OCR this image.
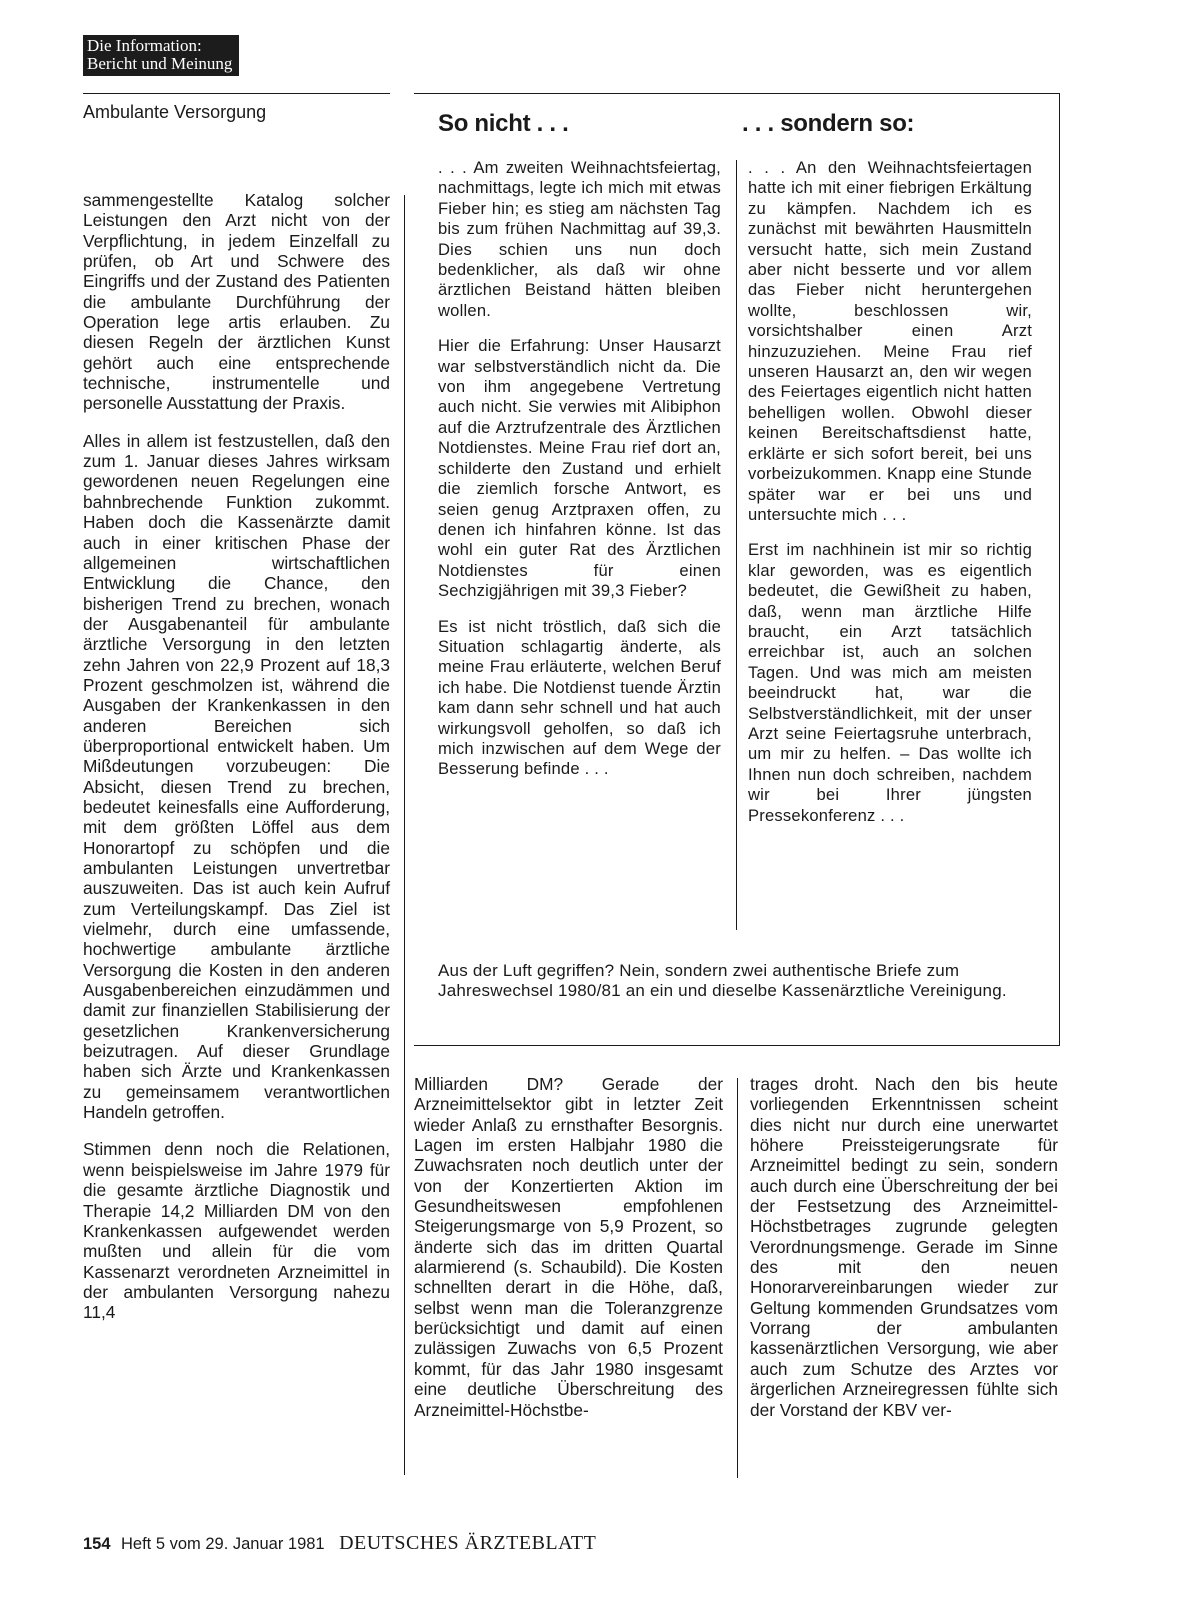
Die Information:
Bericht und Meinung
Ambulante Versorgung

sammengestellte Katalog solcher Leistungen den Arzt nicht von der Verpflichtung, in jedem Einzelfall zu prüfen, ob Art und Schwere des Eingriffs und der Zustand des Patienten die ambulante Durchführung der Operation lege artis erlauben. Zu diesen Regeln der ärztlichen Kunst gehört auch eine entsprechende technische, instrumentelle und personelle Ausstattung der Praxis.

Alles in allem ist festzustellen, daß den zum 1. Januar dieses Jahres wirksam gewordenen neuen Regelungen eine bahnbrechende Funktion zukommt. Haben doch die Kassenärzte damit auch in einer kritischen Phase der allgemeinen wirtschaftlichen Entwicklung die Chance, den bisherigen Trend zu brechen, wonach der Ausgabenanteil für ambulante ärztliche Versorgung in den letzten zehn Jahren von 22,9 Prozent auf 18,3 Prozent geschmolzen ist, während die Ausgaben der Krankenkassen in den anderen Bereichen sich überproportional entwickelt haben. Um Mißdeutungen vorzubeugen: Die Absicht, diesen Trend zu brechen, bedeutet keinesfalls eine Aufforderung, mit dem größten Löffel aus dem Honorartopf zu schöpfen und die ambulanten Leistungen unvertretbar auszuweiten. Das ist auch kein Aufruf zum Verteilungskampf. Das Ziel ist vielmehr, durch eine umfassende, hochwertige ambulante ärztliche Versorgung die Kosten in den anderen Ausgabenbereichen einzudämmen und damit zur finanziellen Stabilisierung der gesetzlichen Krankenversicherung beizutragen. Auf dieser Grundlage haben sich Ärzte und Krankenkassen zu gemeinsamem verantwortlichen Handeln getroffen.

Stimmen denn noch die Relationen, wenn beispielsweise im Jahre 1979 für die gesamte ärztliche Diagnostik und Therapie 14,2 Milliarden DM von den Krankenkassen aufgewendet werden mußten und allein für die vom Kassenarzt verordneten Arzneimittel in der ambulanten Versorgung nahezu 11,4

So nicht . . .	. . . sondern so:

. . . Am zweiten Weihnachtsfeiertag, nachmittags, legte ich mich mit etwas Fieber hin; es stieg am nächsten Tag bis zum frühen Nachmittag auf 39,3. Dies schien uns nun doch bedenklicher, als daß wir ohne ärztlichen Beistand hätten bleiben wollen.

Hier die Erfahrung: Unser Hausarzt war selbstverständlich nicht da. Die von ihm angegebene Vertretung auch nicht. Sie verwies mit Alibiphon auf die Arztrufzentrale des Ärztlichen Notdienstes. Meine Frau rief dort an, schilderte den Zustand und erhielt die ziemlich forsche Antwort, es seien genug Arztpraxen offen, zu denen ich hinfahren könne. Ist das wohl ein guter Rat des Ärztlichen Notdienstes für einen Sechzigjährigen mit 39,3 Fieber?

Es ist nicht tröstlich, daß sich die Situation schlagartig änderte, als meine Frau erläuterte, welchen Beruf ich habe. Die Notdienst tuende Ärztin kam dann sehr schnell und hat auch wirkungsvoll geholfen, so daß ich mich inzwischen auf dem Wege der Besserung befinde . . .

. . . An den Weihnachtsfeiertagen hatte ich mit einer fiebrigen Erkältung zu kämpfen. Nachdem ich es zunächst mit bewährten Hausmitteln versucht hatte, sich mein Zustand aber nicht besserte und vor allem das Fieber nicht heruntergehen wollte, beschlossen wir, vorsichtshalber einen Arzt hinzuzuziehen. Meine Frau rief unseren Hausarzt an, den wir wegen des Feiertages eigentlich nicht hatten behelligen wollen. Obwohl dieser keinen Bereitschaftsdienst hatte, erklärte er sich sofort bereit, bei uns vorbeizukommen. Knapp eine Stunde später war er bei uns und untersuchte mich . . .

Erst im nachhinein ist mir so richtig klar geworden, was es eigentlich bedeutet, die Gewißheit zu haben, daß, wenn man ärztliche Hilfe braucht, ein Arzt tatsächlich erreichbar ist, auch an solchen Tagen. Und was mich am meisten beeindruckt hat, war die Selbstverständlichkeit, mit der unser Arzt seine Feiertagsruhe unterbrach, um mir zu helfen. – Das wollte ich Ihnen nun doch schreiben, nachdem wir bei Ihrer jüngsten Pressekonferenz . . .

Aus der Luft gegriffen? Nein, sondern zwei authentische Briefe zum Jahreswechsel 1980/81 an ein und dieselbe Kassenärztliche Vereinigung.
Milliarden DM? Gerade der Arzneimittelsektor gibt in letzter Zeit wieder Anlaß zu ernsthafter Besorgnis. Lagen im ersten Halbjahr 1980 die Zuwachsraten noch deutlich unter der von der Konzertierten Aktion im Gesundheitswesen empfohlenen Steigerungsmarge von 5,9 Prozent, so änderte sich das im dritten Quartal alarmierend (s. Schaubild). Die Kosten schnellten derart in die Höhe, daß, selbst wenn man die Toleranzgrenze berücksichtigt und damit auf einen zulässigen Zuwachs von 6,5 Prozent kommt, für das Jahr 1980 insgesamt eine deutliche Überschreitung des Arzneimittel-Höchstbe-
trages droht. Nach den bis heute vorliegenden Erkenntnissen scheint dies nicht nur durch eine unerwartet höhere Preissteigerungsrate für Arzneimittel bedingt zu sein, sondern auch durch eine Überschreitung der bei der Festsetzung des Arzneimittel-Höchstbetrages zugrunde gelegten Verordnungsmenge. Gerade im Sinne des mit den neuen Honorarvereinbarungen wieder zur Geltung kommenden Grundsatzes vom Vorrang der ambulanten kassenärztlichen Versorgung, wie aber auch zum Schutze des Arztes vor ärgerlichen Arzneiregressen fühlte sich der Vorstand der KBV ver-
154 Heft 5 vom 29. Januar 1981 DEUTSCHES ÄRZTEBLATT
